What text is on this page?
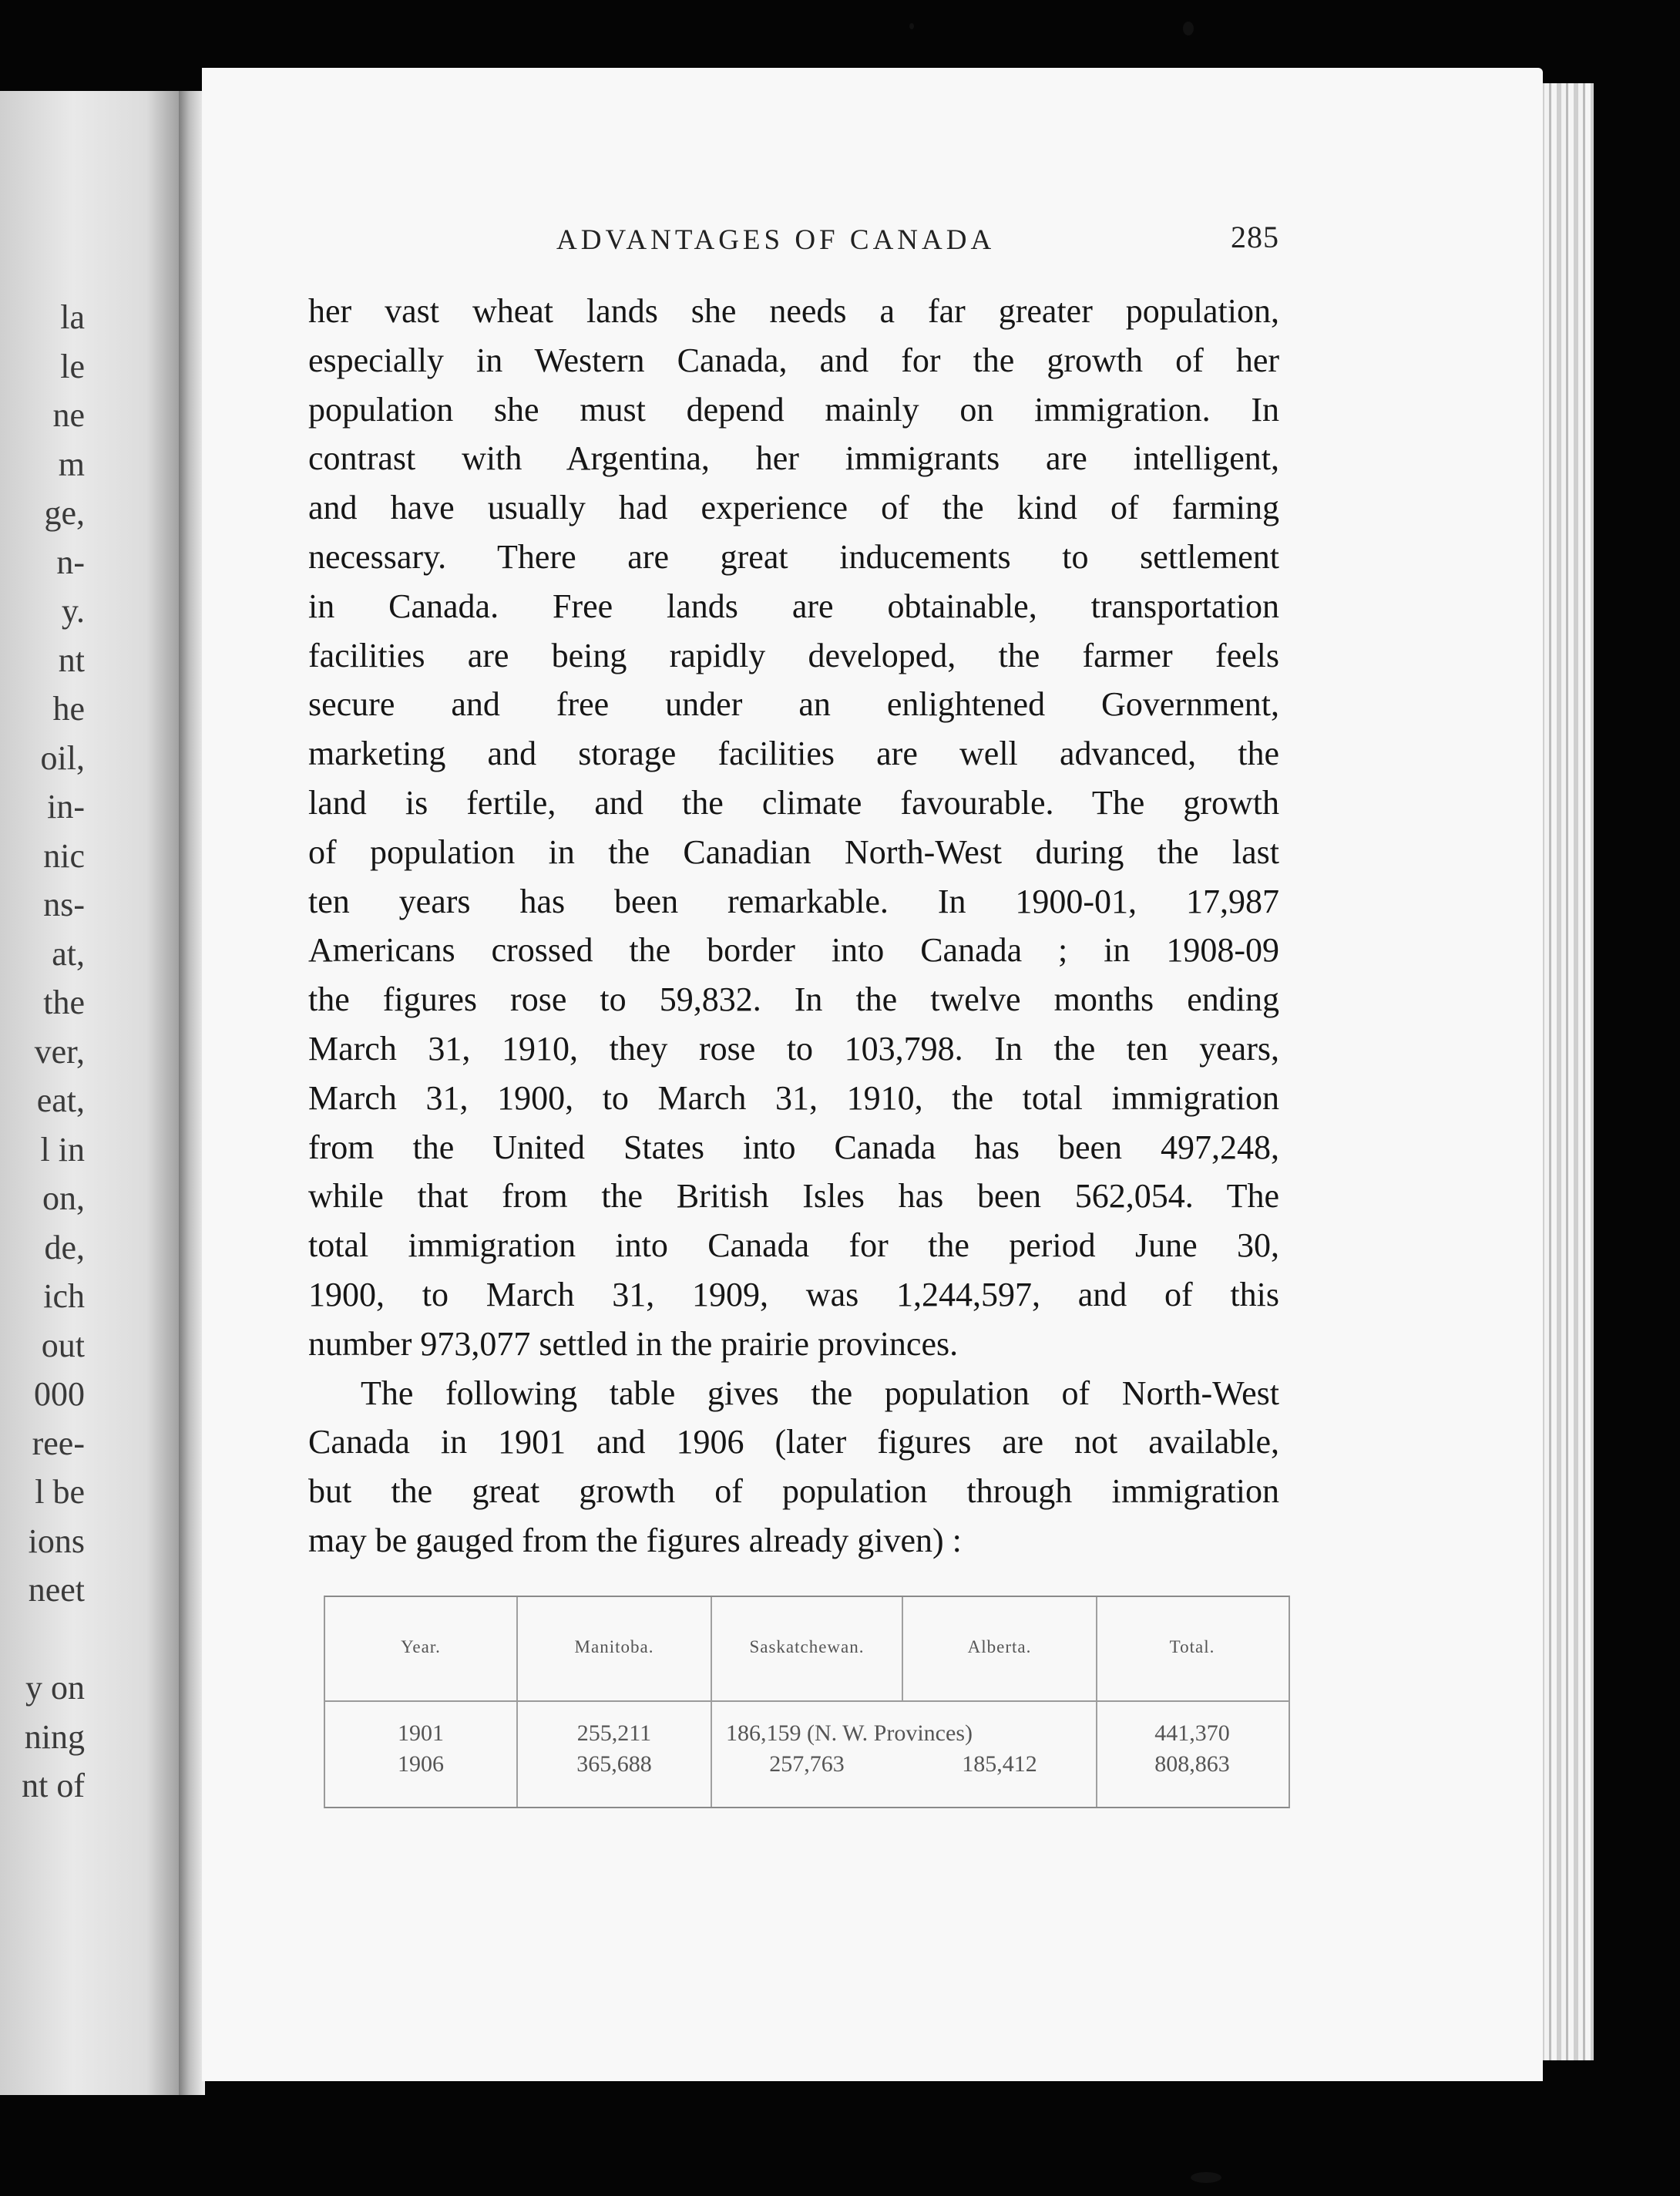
la
le
ne
m
ge,
n-
y.
nt
he
oil,
in-
nic
ns-
at,
the
ver,
eat,
l in
on,
de,
ich
out
000
ree-
l be
ions
neet
y on
ning
nt of
ADVANTAGES OF CANADA	285
her vast wheat lands she needs a far greater population,
especially in Western Canada, and for the growth of her
population she must depend mainly on immigration. In
contrast with Argentina, her immigrants are intelligent,
and have usually had experience of the kind of farming
necessary. There are great inducements to settlement
in Canada. Free lands are obtainable, transportation
facilities are being rapidly developed, the farmer feels
secure and free under an enlightened Government,
marketing and storage facilities are well advanced, the
land is fertile, and the climate favourable. The growth
of population in the Canadian North-West during the last
ten years has been remarkable. In 1900-01, 17,987
Americans crossed the border into Canada ; in 1908-09
the figures rose to 59,832. In the twelve months ending
March 31, 1910, they rose to 103,798. In the ten years,
March 31, 1900, to March 31, 1910, the total immigration
from the United States into Canada has been 497,248,
while that from the British Isles has been 562,054. The
total immigration into Canada for the period June 30,
1900, to March 31, 1909, was 1,244,597, and of this
number 973,077 settled in the prairie provinces.
The following table gives the population of North-West
Canada in 1901 and 1906 (later figures are not available,
but the great growth of population through immigration
may be gauged from the figures already given) :
Year.	Manitoba.	Saskatchewan.	Alberta.	Total.
1901	255,211	186,159 (N. W. Provinces)	441,370
1906	365,688	257,763	185,412	808,863
